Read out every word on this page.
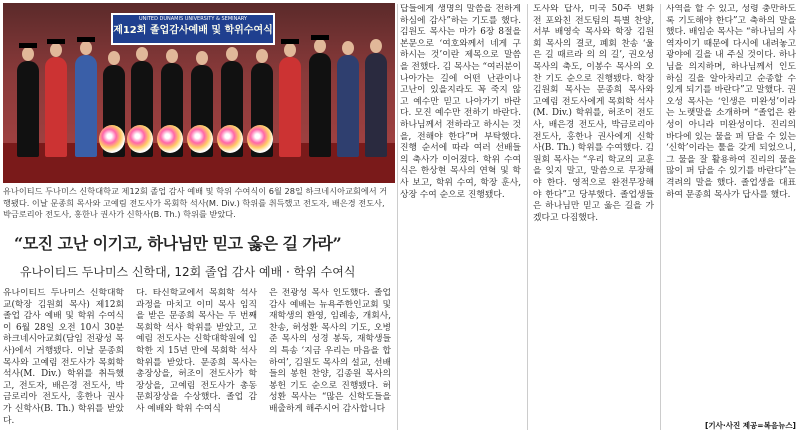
UNITED DUNAMIS UNIVERSITY & SEMINARY
제12회 졸업감사예배 및 학위수여식
유나이티드 두나미스 신학대학교 제12회 졸업 감사 예배 및 학위 수여식이 6월 28일 하크네시아교회에서 거행됐다. 이날 문종희 목사와 고예림 전도사가 목회학 석사(M. Div.) 학위를 취득했고 전도자, 배은경 전도사, 박금로리아 전도사, 홍한나 권사가 신학사(B. Th.) 학위를 받았다.
“모진 고난 이기고, 하나님만 믿고 옳은 길 가라”
유나이티드 두나미스 신학대, 12회 졸업 감사 예배 · 학위 수여식
유나이티드 두나미스 신학대학교(학장 김원회 목사) 제12회 졸업 감사 예배 및 학위 수여식이 6월 28일 오전 10시 30분 하크네시아교회(담임 전광성 목사)에서 거행됐다. 이날 문종희 목사와 고예림 전도사가 목회학 석사(M. Div.) 학위를 취득했고, 전도자, 배은경 전도사, 박금로리아 전도사, 홍한나 권사가 신학사(B. Th.) 학위를 받았다.
다. 타신학교에서 목회학 석사 과정을 마치고 이미 목사 임직을 받은 문종희 목사는 두 번째 목회학 석사 학위를 받았고, 고예림 전도사는 신학대학원에 입학한 지 15년 만에 목회학 석사 학위를 받았다. 문종희 목사는 총장상을, 허조이 전도사가 학장상을, 고예림 전도사가 총동문회장상을 수상했다. 졸업 감사 예배와 학위 수여식
은 전광성 목사 인도했다. 졸업 감사 예배는 뉴욕주한인교회 및 재학생의 환영, 임례송, 개회사, 찬송, 허성환 목사의 기도, 오병준 목사의 성경 봉독, 재학생들의 특송 ‘지금 우리는 마음을 합하여’, 김원도 목사의 설교, 선배들의 봉헌 찬양, 김종원 목사의 봉헌 기도 순으로 진행됐다. 허성환 목사는 “많은 신학도들을 배출하게 해주시어 감사합니다
답들에게 생명의 말씀을 전하게 하심에 감사”하는 기도를 했다. 김원도 목사는 마가 6장 8절을 본문으로 ‘여호와께서 네게 구하시는 것’이란 제목으로 말씀을 전했다. 김 목사는 “여러분이 나아가는 길에 어떤 난관이나 고난이 있을지라도 꼭 죽지 않고 예수만 믿고 나아가기 바란다. 모진 예수만 전하기 바란다. 하나님께서 전하라고 하시는 것을, 전해야 한다”며 부탁했다. 진행 순서에 따라 여러 선배들의 축사가 이어졌다. 학위 수여식은 한상현 목사의 연혁 및 학사 보고, 학위 수여, 학장 훈사, 상장 수여 순으로 진행됐다.
도사와 답사, 미국 50주 변화 전 포와친 전도팀의 특별 찬양, 서부 배영숙 목사와 학장 김원회 목사의 결코, 폐회 찬송 ‘울은 길 때르라 의 의 길’, 권오성 목사의 축도, 이봉수 목사의 오찬 기도 순으로 진행됐다. 학장 김원회 목사는 문종희 목사와 고예림 전도사에게 목회학 석사(M. Div.) 학위를, 허조이 전도사, 배은경 전도사, 박금로리아 전도사, 홍한나 권사에게 신학사(B. Th.) 학위를 수여했다. 김원회 목사는 “우리 학교의 교훈을 잊지 말고, 말씀으로 무장해야 한다. 영적으로 완전무장해야 한다”고 당부했다. 졸업생들은 하나님만 믿고 옳은 길을 가겠다고 다짐했다.
사역을 할 수 있고, 성령 충만하도록 기도해야 한다”고 축하의 말을 했다. 배임순 목사는 “하나님의 사역자이기 때문에 다시에 내려놓고 광야에 길을 내 주실 것이다. 하나님을 의지하며, 하나님께서 인도하심 길을 알아차리고 순종할 수 있게 되기를 바란다”고 말했다. 권오성 목사는 ‘인생은 미완성’이라는 노랫말을 소개하며 “졸업은 완성이 아니라 미완성이다. 진리의 바다에 있는 물을 퍼 담을 수 있는 ‘신학’이라는 툴을 갖게 되었으니, 그 물을 잘 활용하여 진리의 물을 많이 퍼 담을 수 있기를 바란다”는 격려의 말을 했다. 졸업생을 대표하여 문종희 목사가 답사를 했다.
[기사·사진 제공=복음뉴스]
